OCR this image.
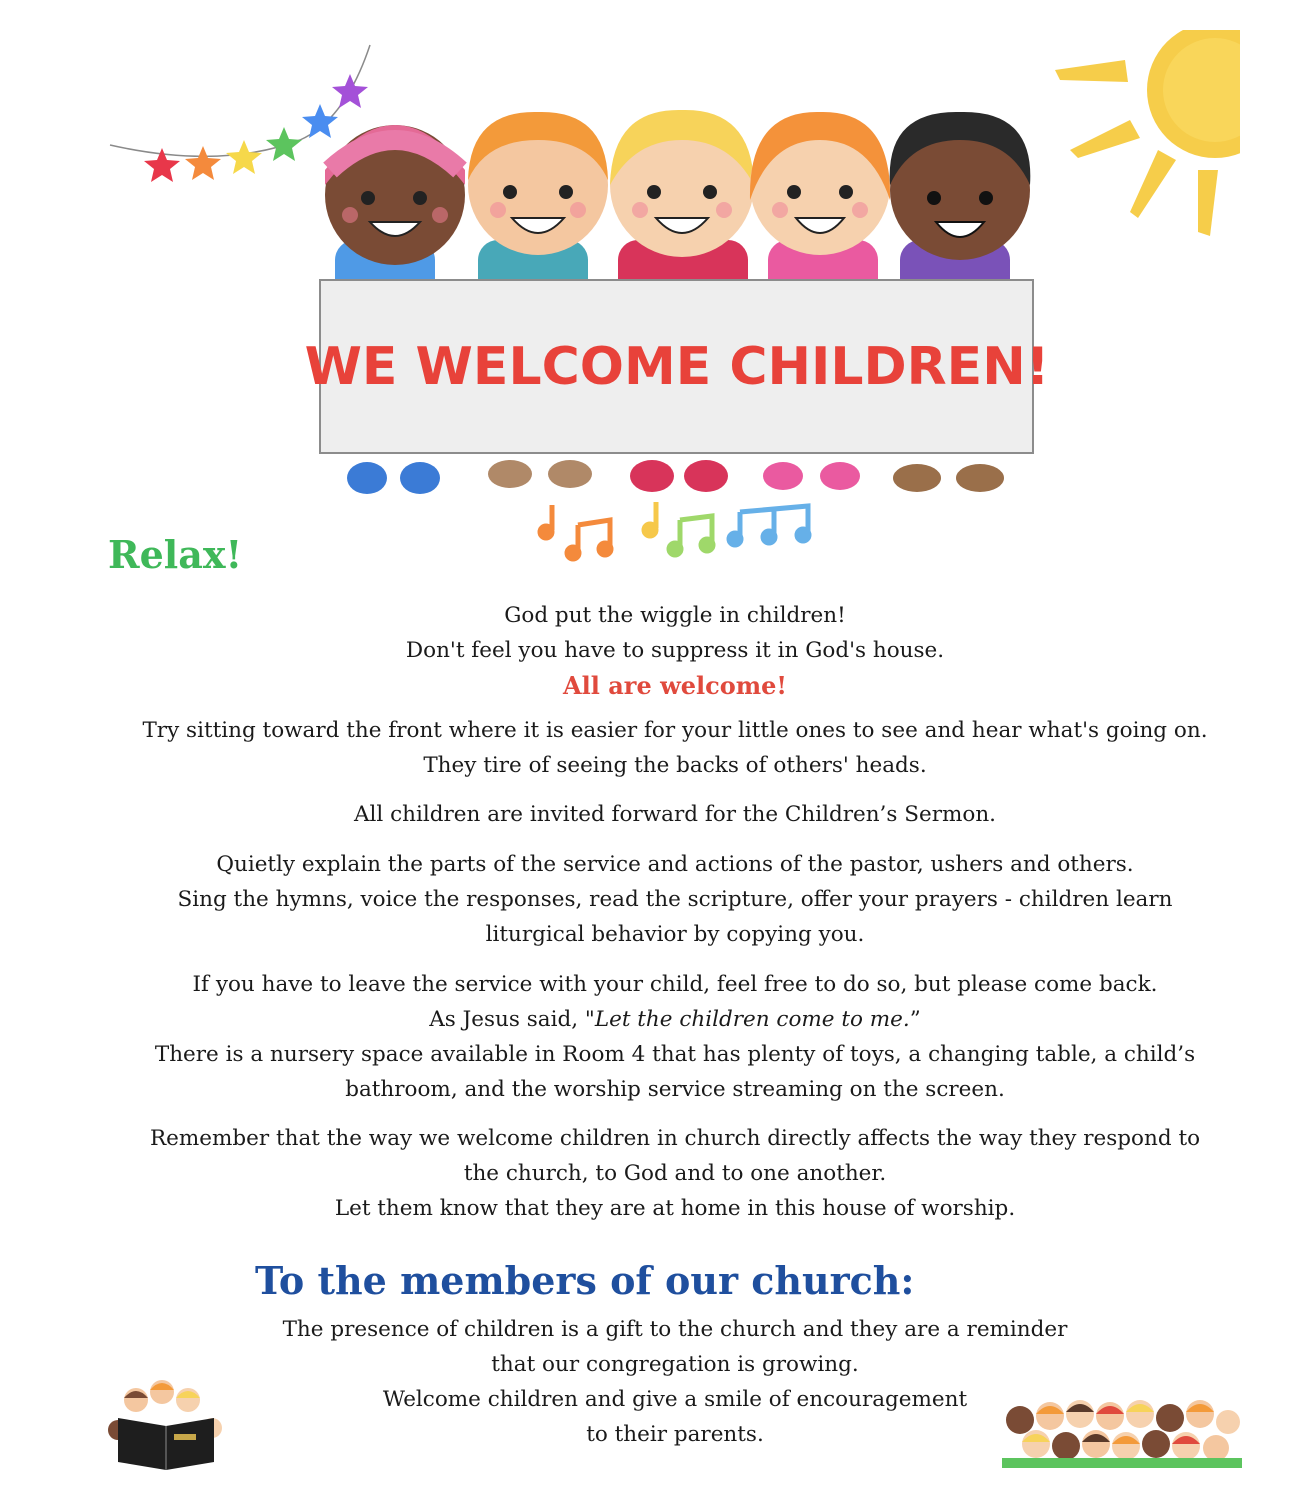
WE WELCOME CHILDREN!
Relax!
God put the wiggle in children!
Don't feel you have to suppress it in God's house.
All are welcome!
Try sitting toward the front where it is easier for your little ones to see and hear what's going on.
They tire of seeing the backs of others' heads.
All children are invited forward for the Children’s Sermon.
Quietly explain the parts of the service and actions of the pastor, ushers and others.
Sing the hymns, voice the responses, read the scripture, offer your prayers - children learn
liturgical behavior by copying you.
If you have to leave the service with your child, feel free to do so, but please come back.
As Jesus said, "Let the children come to me.”
There is a nursery space available in Room 4 that has plenty of toys, a changing table, a child’s
bathroom, and the worship service streaming on the screen.
Remember that the way we welcome children in church directly affects the way they respond to
the church, to God and to one another.
Let them know that they are at home in this house of worship.
To the members of our church:
The presence of children is a gift to the church and they are a reminder
that our congregation is growing.
Welcome children and give a smile of encouragement
to their parents.
